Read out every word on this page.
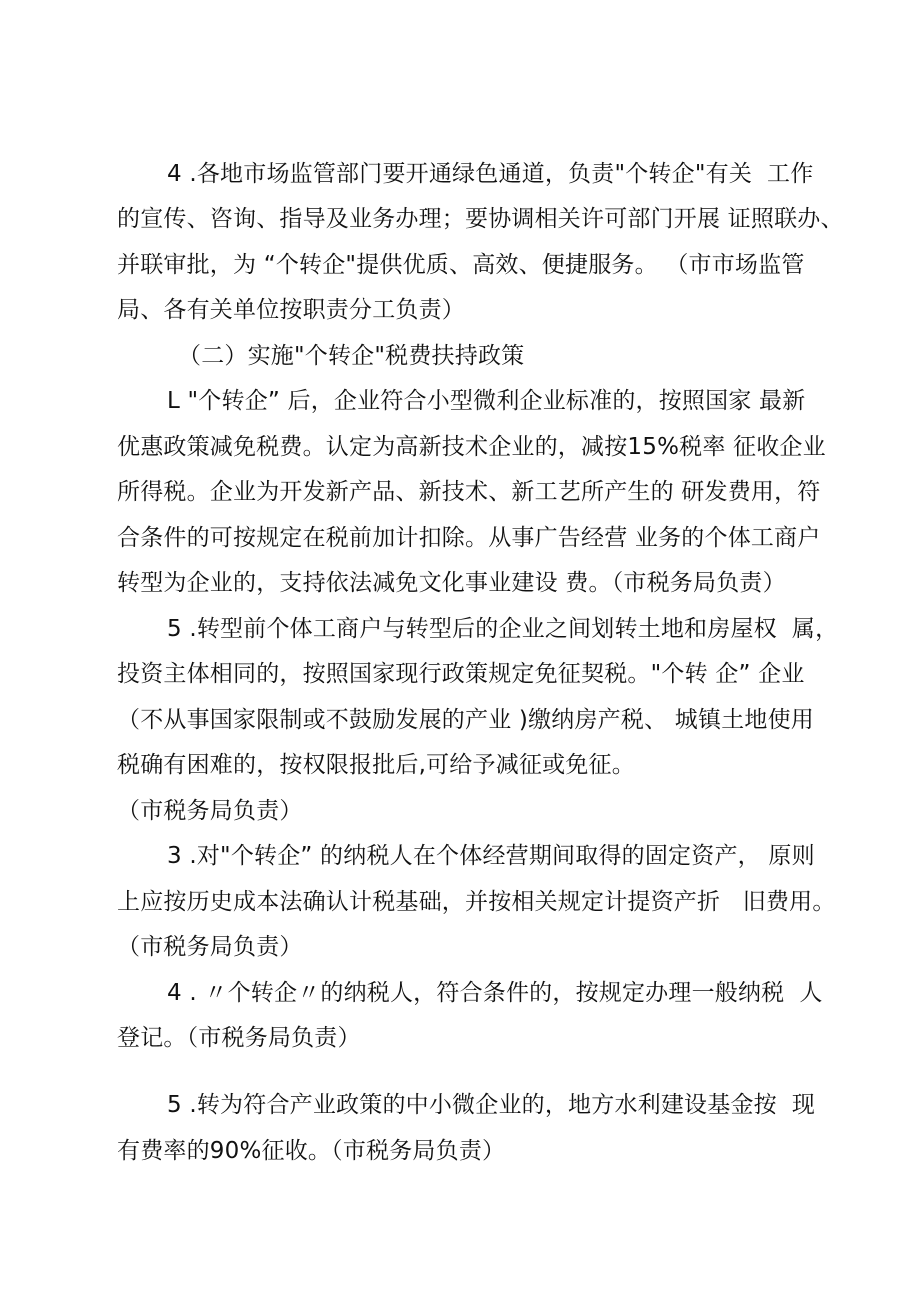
4 .各地市场监管部门要开通绿色通道，负责"个转企"有关  工作
的宣传、咨询、指导及业务办理；要协调相关许可部门开展 证照联办、
并联审批，为 “个转企"提供优质、高效、便捷服务。 （市市场监管
局、各有关单位按职责分工负责）
（二）实施"个转企"税费扶持政策
L "个转企” 后，企业符合小型微利企业标准的，按照国家 最新
优惠政策减免税费。认定为高新技术企业的，减按15%税率 征收企业
所得税。企业为开发新产品、新技术、新工艺所产生的 研发费用，符
合条件的可按规定在税前加计扣除。从事广告经营 业务的个体工商户
转型为企业的，支持依法减免文化事业建设 费。（市税务局负责）
5 .转型前个体工商户与转型后的企业之间划转土地和房屋权  属，
投资主体相同的，按照国家现行政策规定免征契税。"个转 企” 企业
（不从事国家限制或不鼓励发展的产业 )缴纳房产税、 城镇土地使用
税确有困难的，按权限报批后,可给予减征或免征。
（市税务局负责）
3 .对"个转企” 的纳税人在个体经营期间取得的固定资产， 原则
上应按历史成本法确认计税基础，并按相关规定计提资产折   旧费用。
（市税务局负责）
4 . 〃个转企〃的纳税人，符合条件的，按规定办理一般纳税  人
登记。（市税务局负责）
5 .转为符合产业政策的中小微企业的，地方水利建设基金按  现
有费率的90%征收。（市税务局负责）
